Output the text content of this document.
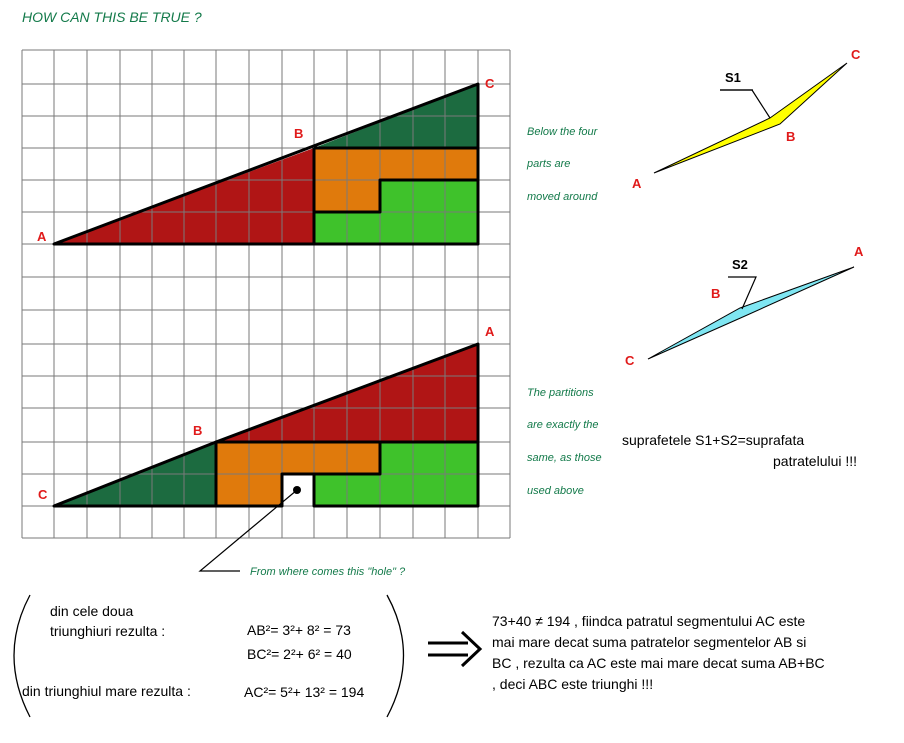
HOW CAN THIS BE TRUE ?
A
B
C
A
B
C
Below the four
parts are
moved around
The partitions
are exactly the
same, as those
used above
From where comes this "hole" ?
S1
A
B
C
S2
A
B
C
suprafetele S1+S2=suprafata
patratelului !!!
din cele doua
triunghiuri rezulta :	AB²= 3²+ 8² = 73
BC²= 2²+ 6² = 40
din triunghiul mare rezulta :	AC²= 5²+ 13² = 194
73+40 ≠ 194 , fiindca patratul segmentului AC este
mai mare decat suma patratelor segmentelor AB si
BC , rezulta ca AC este mai mare decat suma AB+BC
, deci ABC este triunghi !!!
